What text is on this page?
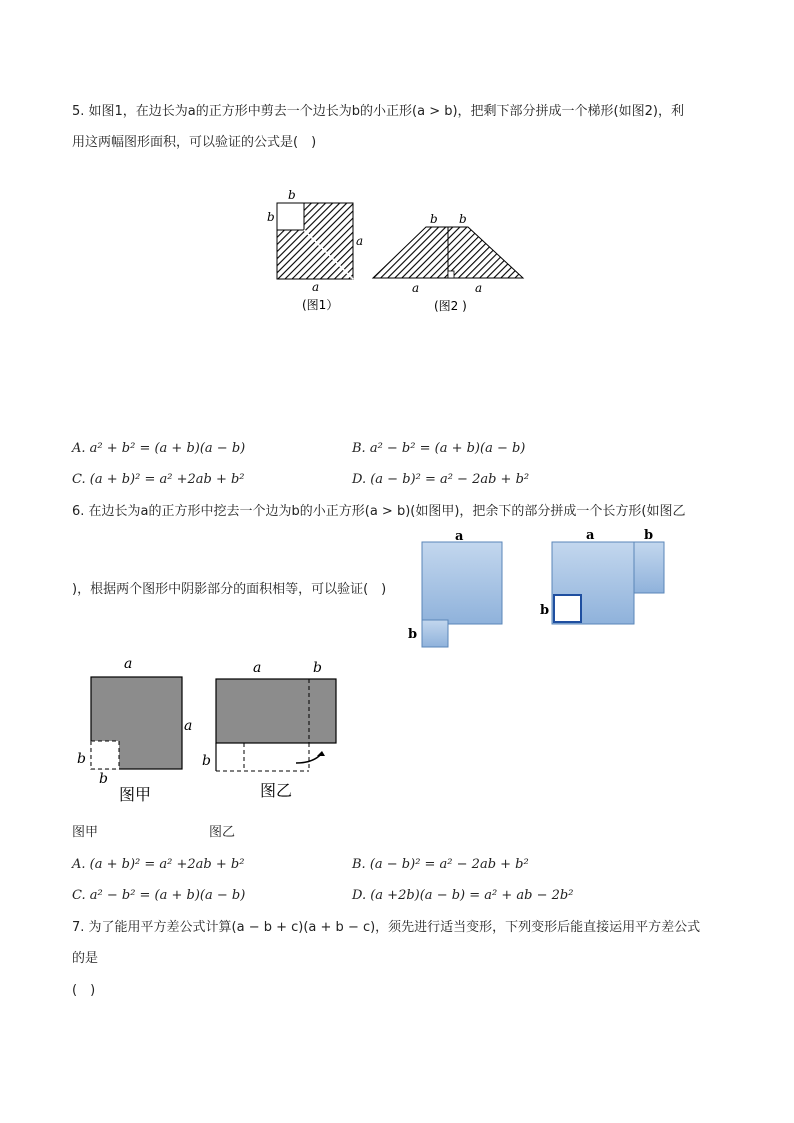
5. 如图1，在边长为a的正方形中剪去一个边长为b的小正形(a > b)，把剩下部分拼成一个梯形(如图2)，利
用这两幅图形面积，可以验证的公式是(　)
b
b
a
a
(图1）
b b
a	a
(图2 )
A. a² + b² = (a + b)(a − b)	B. a² − b² = (a + b)(a − b)
C. (a + b)² = a² +2ab + b²	D. (a − b)² = a² − 2ab + b²
6. 在边长为a的正方形中挖去一个边为b的小正方形(a > b)(如图甲)，把余下的部分拼成一个长方形(如图乙
)，根据两个图形中阴影部分的面积相等，可以验证(　)
a
b
a	b
b
a
a
b
b
图甲
a	b
b
图乙
图甲	图乙
A. (a + b)² = a² +2ab + b²	B. (a − b)² = a² − 2ab + b²
C. a² − b² = (a + b)(a − b)	D. (a +2b)(a − b) = a² + ab − 2b²
7. 为了能用平方差公式计算(a − b + c)(a + b − c)，须先进行适当变形，下列变形后能直接运用平方差公式
的是
(　)
